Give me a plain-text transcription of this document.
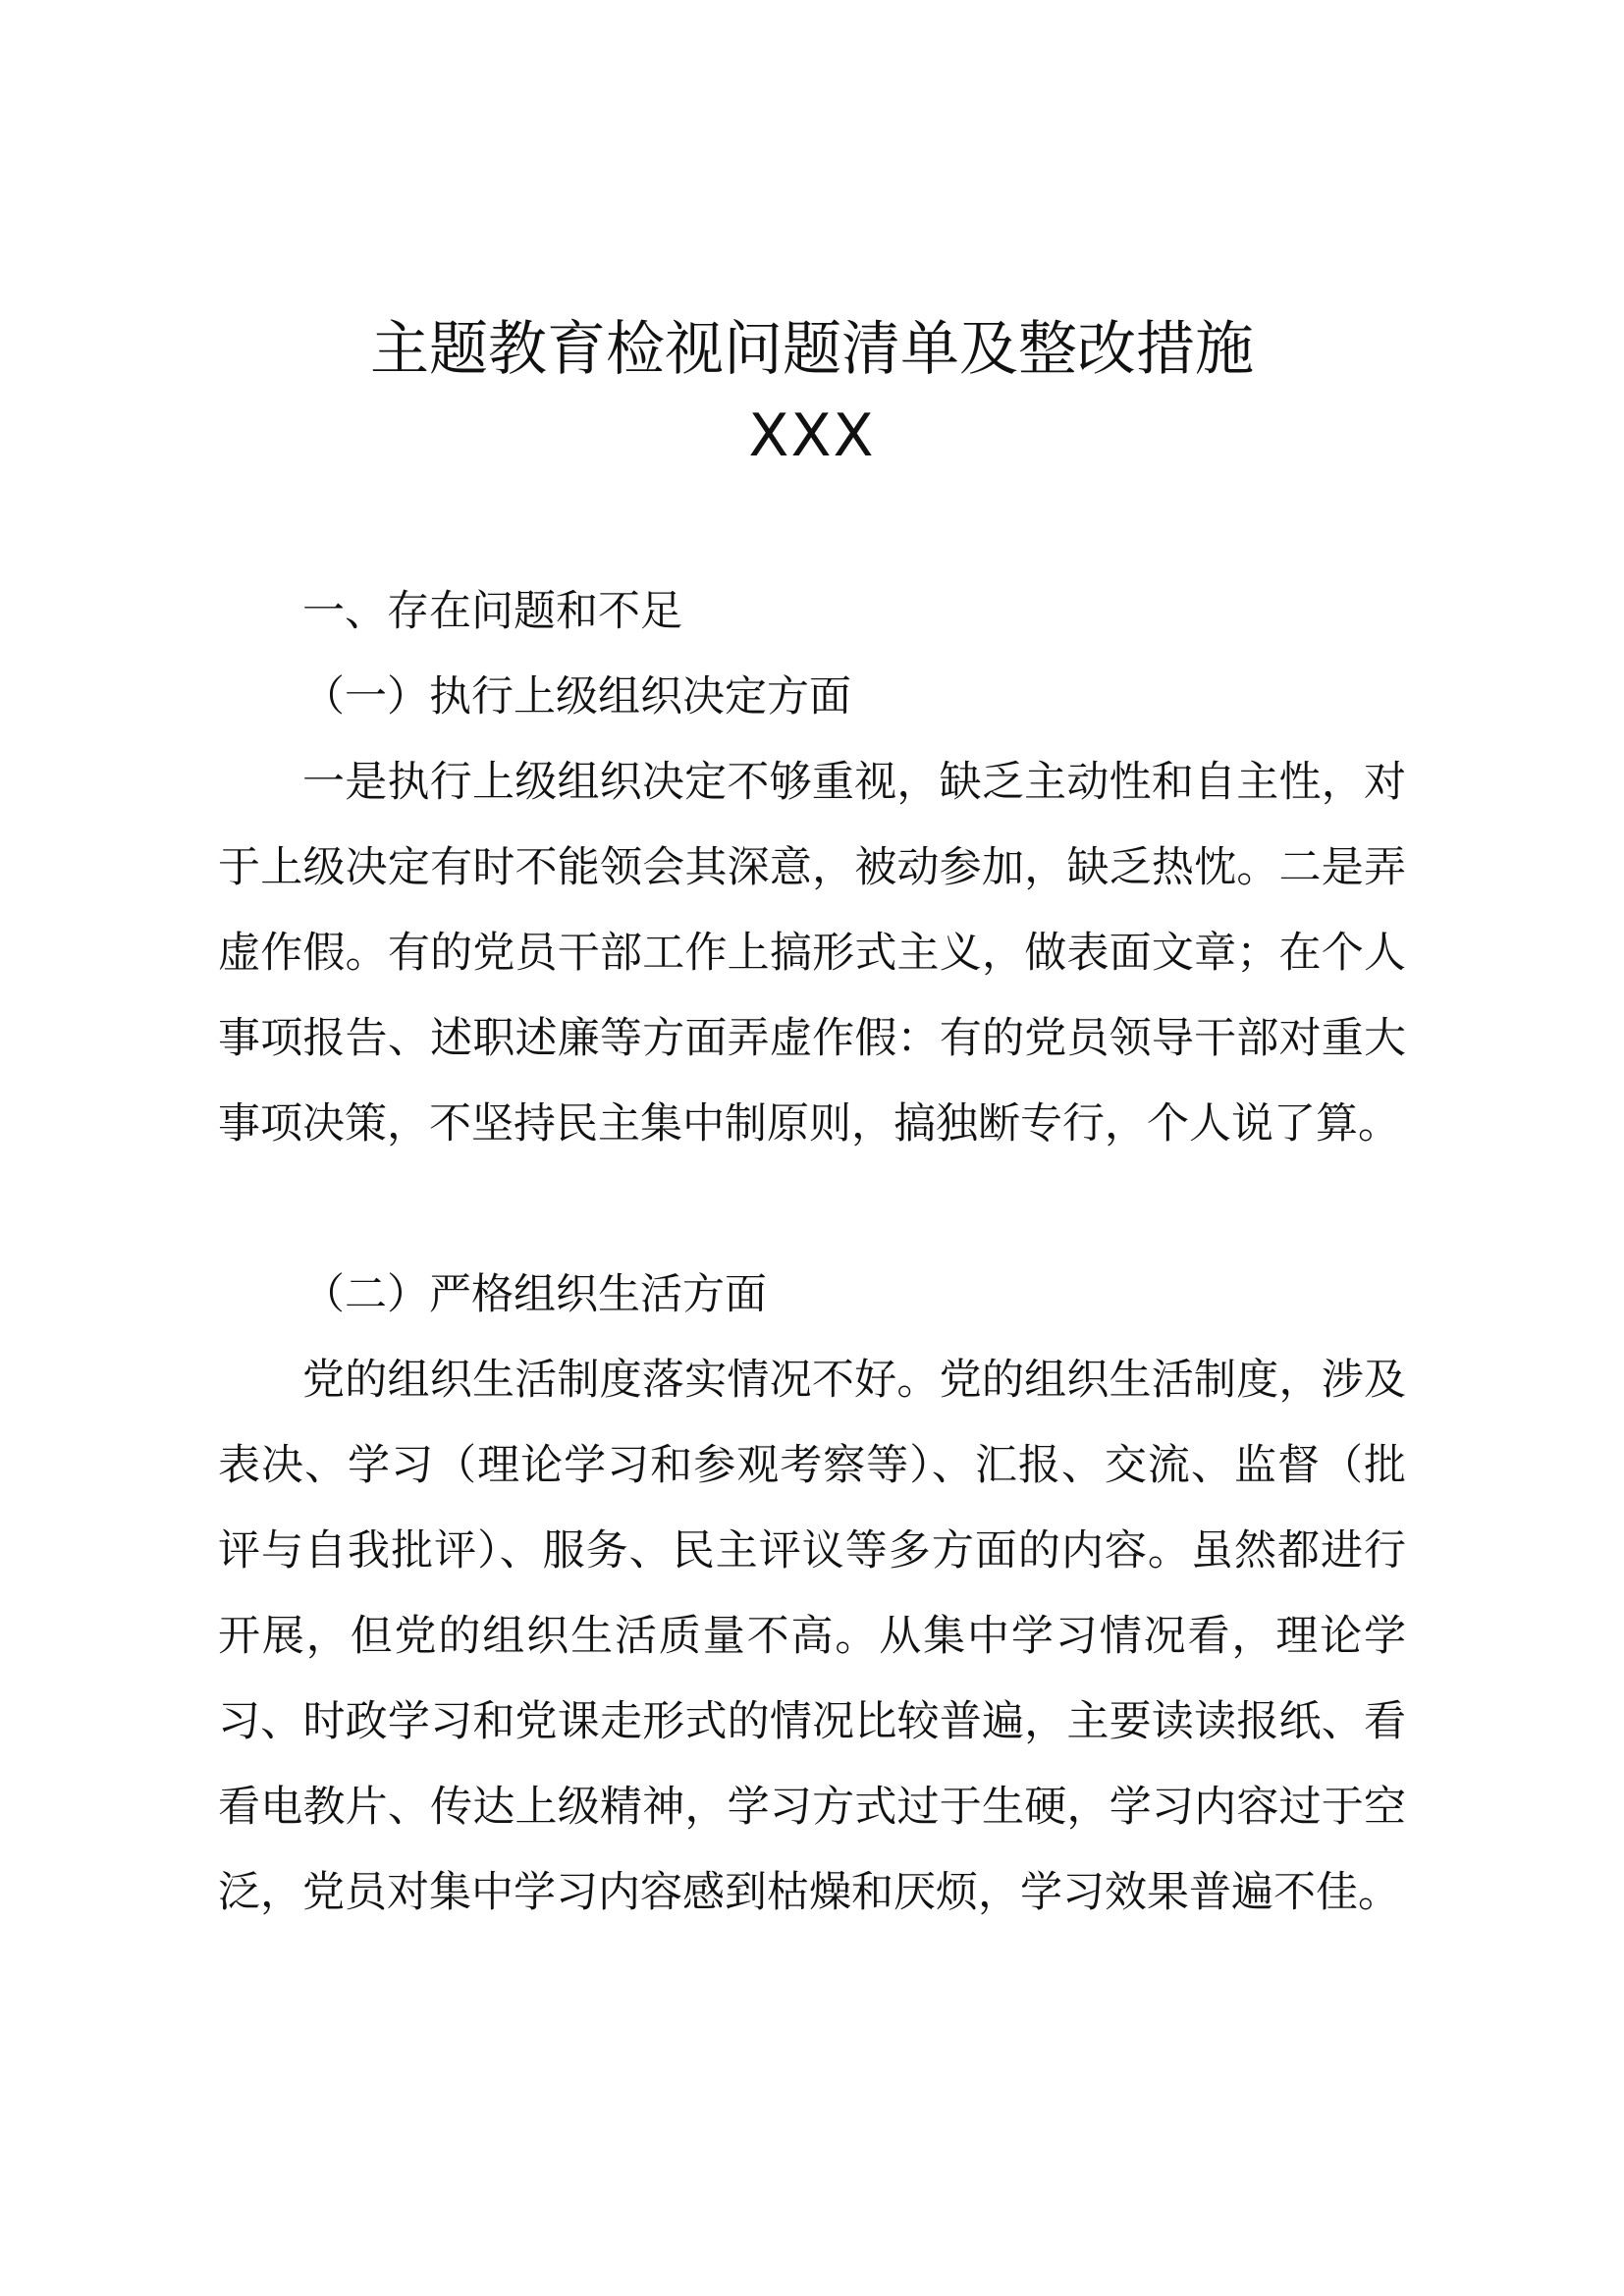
主题教育检视问题清单及整改措施
XXX
一、存在问题和不足
（一）执行上级组织决定方面

一是执行上级组织决定不够重视，缺乏主动性和自主性，对于上级决定有时不能领会其深意，被动参加，缺乏热忱。二是弄虚作假。有的党员干部工作上搞形式主义，做表面文章；在个人事项报告、述职述廉等方面弄虚作假：有的党员领导干部对重大事项决策，不坚持民主集中制原则，搞独断专行，个人说了算。

（二）严格组织生活方面

党的组织生活制度落实情况不好。党的组织生活制度，涉及表决、学习（理论学习和参观考察等）、汇报、交流、监督（批评与自我批评）、服务、民主评议等多方面的内容。虽然都进行开展，但党的组织生活质量不高。从集中学习情况看，理论学习、时政学习和党课走形式的情况比较普遍，主要读读报纸、看看电教片、传达上级精神，学习方式过于生硬，学习内容过于空泛，党员对集中学习内容感到枯燥和厌烦，学习效果普遍不佳。
